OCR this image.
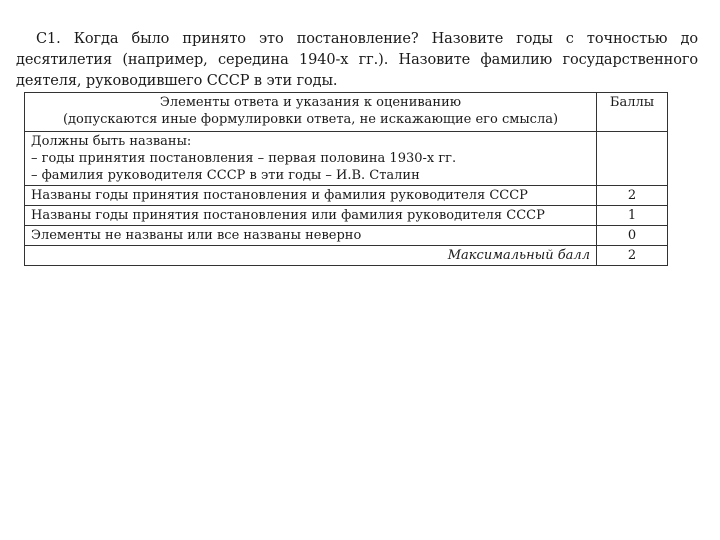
С1. Когда было принято это постановление? Назовите годы с точностью до десятилетия (например, середина 1940-х гг.). Назовите фамилию государственного деятеля, руководившего СССР в эти годы.

Элементы ответа и указания к оцениванию
(допускаются иные формулировки ответа, не искажающие его смысла)	Баллы

Должны быть названы:
– годы принятия постановления – первая половина 1930-х гг.
– фамилия руководителя СССР в эти годы – И.В. Сталин	

Названы годы принятия постановления и фамилия руководителя СССР	2
Названы годы принятия постановления или фамилия руководителя СССР	1
Элементы не названы или все названы неверно	0
Максимальный балл	2
